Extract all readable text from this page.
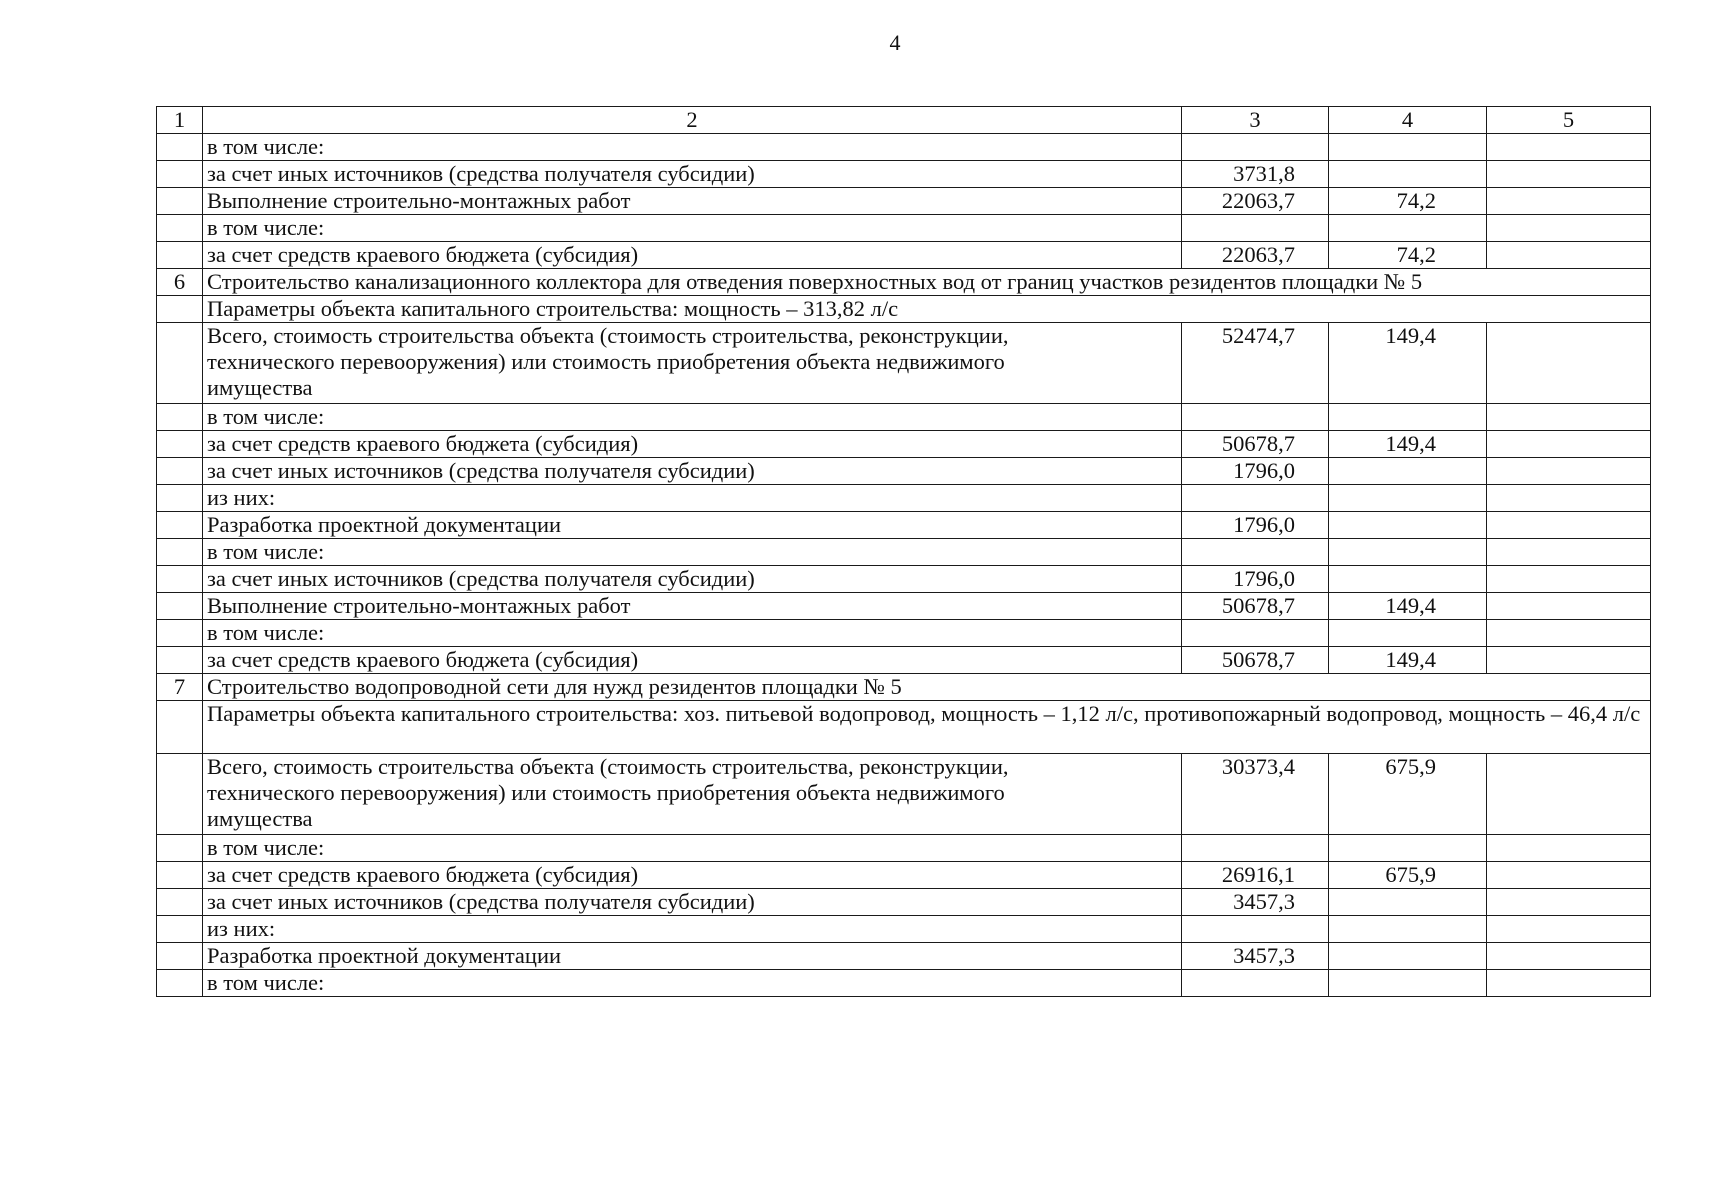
4
1	2	3	4	5
	в том числе:			
	за счет иных источников (средства получателя субсидии)	3731,8		
	Выполнение строительно-монтажных работ	22063,7	74,2	
	в том числе:			
	за счет средств краевого бюджета (субсидия)	22063,7	74,2	
6	Строительство канализационного коллектора для отведения поверхностных вод от границ участков резидентов площадки № 5			
	Параметры объекта капитального строительства: мощность – 313,82 л/с			

	Всего, стоимость строительства объекта (стоимость строительства, реконструкции, технического перевооружения) или стоимость приобретения объекта недвижимого имущества	52474,7	149,4	
	в том числе:			
	за счет средств краевого бюджета (субсидия)	50678,7	149,4	
	за счет иных источников (средства получателя субсидии)	1796,0		
	из них:			
	Разработка проектной документации	1796,0		
	в том числе:			
	за счет иных источников (средства получателя субсидии)	1796,0		
	Выполнение строительно-монтажных работ	50678,7	149,4	
	в том числе:			
	за счет средств краевого бюджета (субсидия)	50678,7	149,4	
7	Строительство водопроводной сети для нужд резидентов площадки № 5			
	Параметры объекта капитального строительства: хоз. питьевой водопровод, мощность – 1,12 л/с, противопожарный водопровод, мощность – 46,4 л/с			

	Всего, стоимость строительства объекта (стоимость строительства, реконструкции, технического перевооружения) или стоимость приобретения объекта недвижимого имущества	30373,4	675,9	
	в том числе:			
	за счет средств краевого бюджета (субсидия)	26916,1	675,9	
	за счет иных источников (средства получателя субсидии)	3457,3		
	из них:			
	Разработка проектной документации	3457,3		
	в том числе:			
